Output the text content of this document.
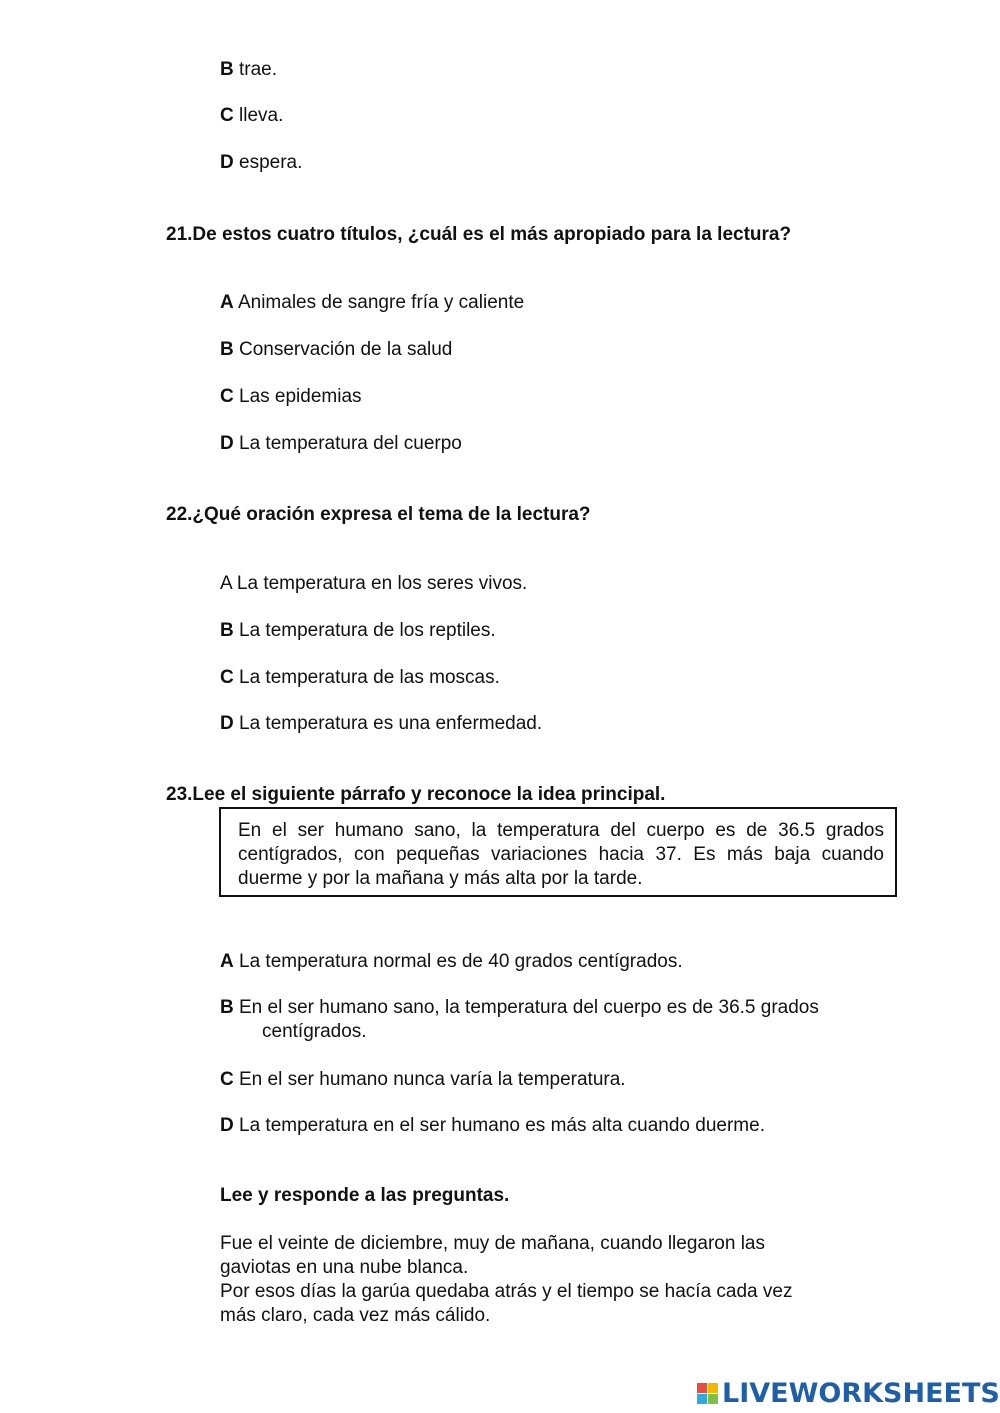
B trae.
C lleva.
D espera.
21.De estos cuatro títulos, ¿cuál es el más apropiado para la lectura?
A Animales de sangre fría y caliente
B Conservación de la salud
C Las epidemias
D La temperatura del cuerpo
22.¿Qué oración expresa el tema de la lectura?
A La temperatura en los seres vivos.
B La temperatura de los reptiles.
C La temperatura de las moscas.
D La temperatura es una enfermedad.
23.Lee el siguiente párrafo y reconoce la idea principal.
En el ser humano sano, la temperatura del cuerpo es de 36.5 grados
centígrados, con pequeñas variaciones hacia 37. Es más baja cuando
duerme y por la mañana y más alta por la tarde.
A La temperatura normal es de 40 grados centígrados.
B En el ser humano sano, la temperatura del cuerpo es de 36.5 grados
centígrados.
C En el ser humano nunca varía la temperatura.
D La temperatura en el ser humano es más alta cuando duerme.
Lee y responde a las preguntas.
Fue el veinte de diciembre, muy de mañana, cuando llegaron las
gaviotas en una nube blanca.
Por esos días la garúa quedaba atrás y el tiempo se hacía cada vez
más claro, cada vez más cálido.
LIVEWORKSHEETS
